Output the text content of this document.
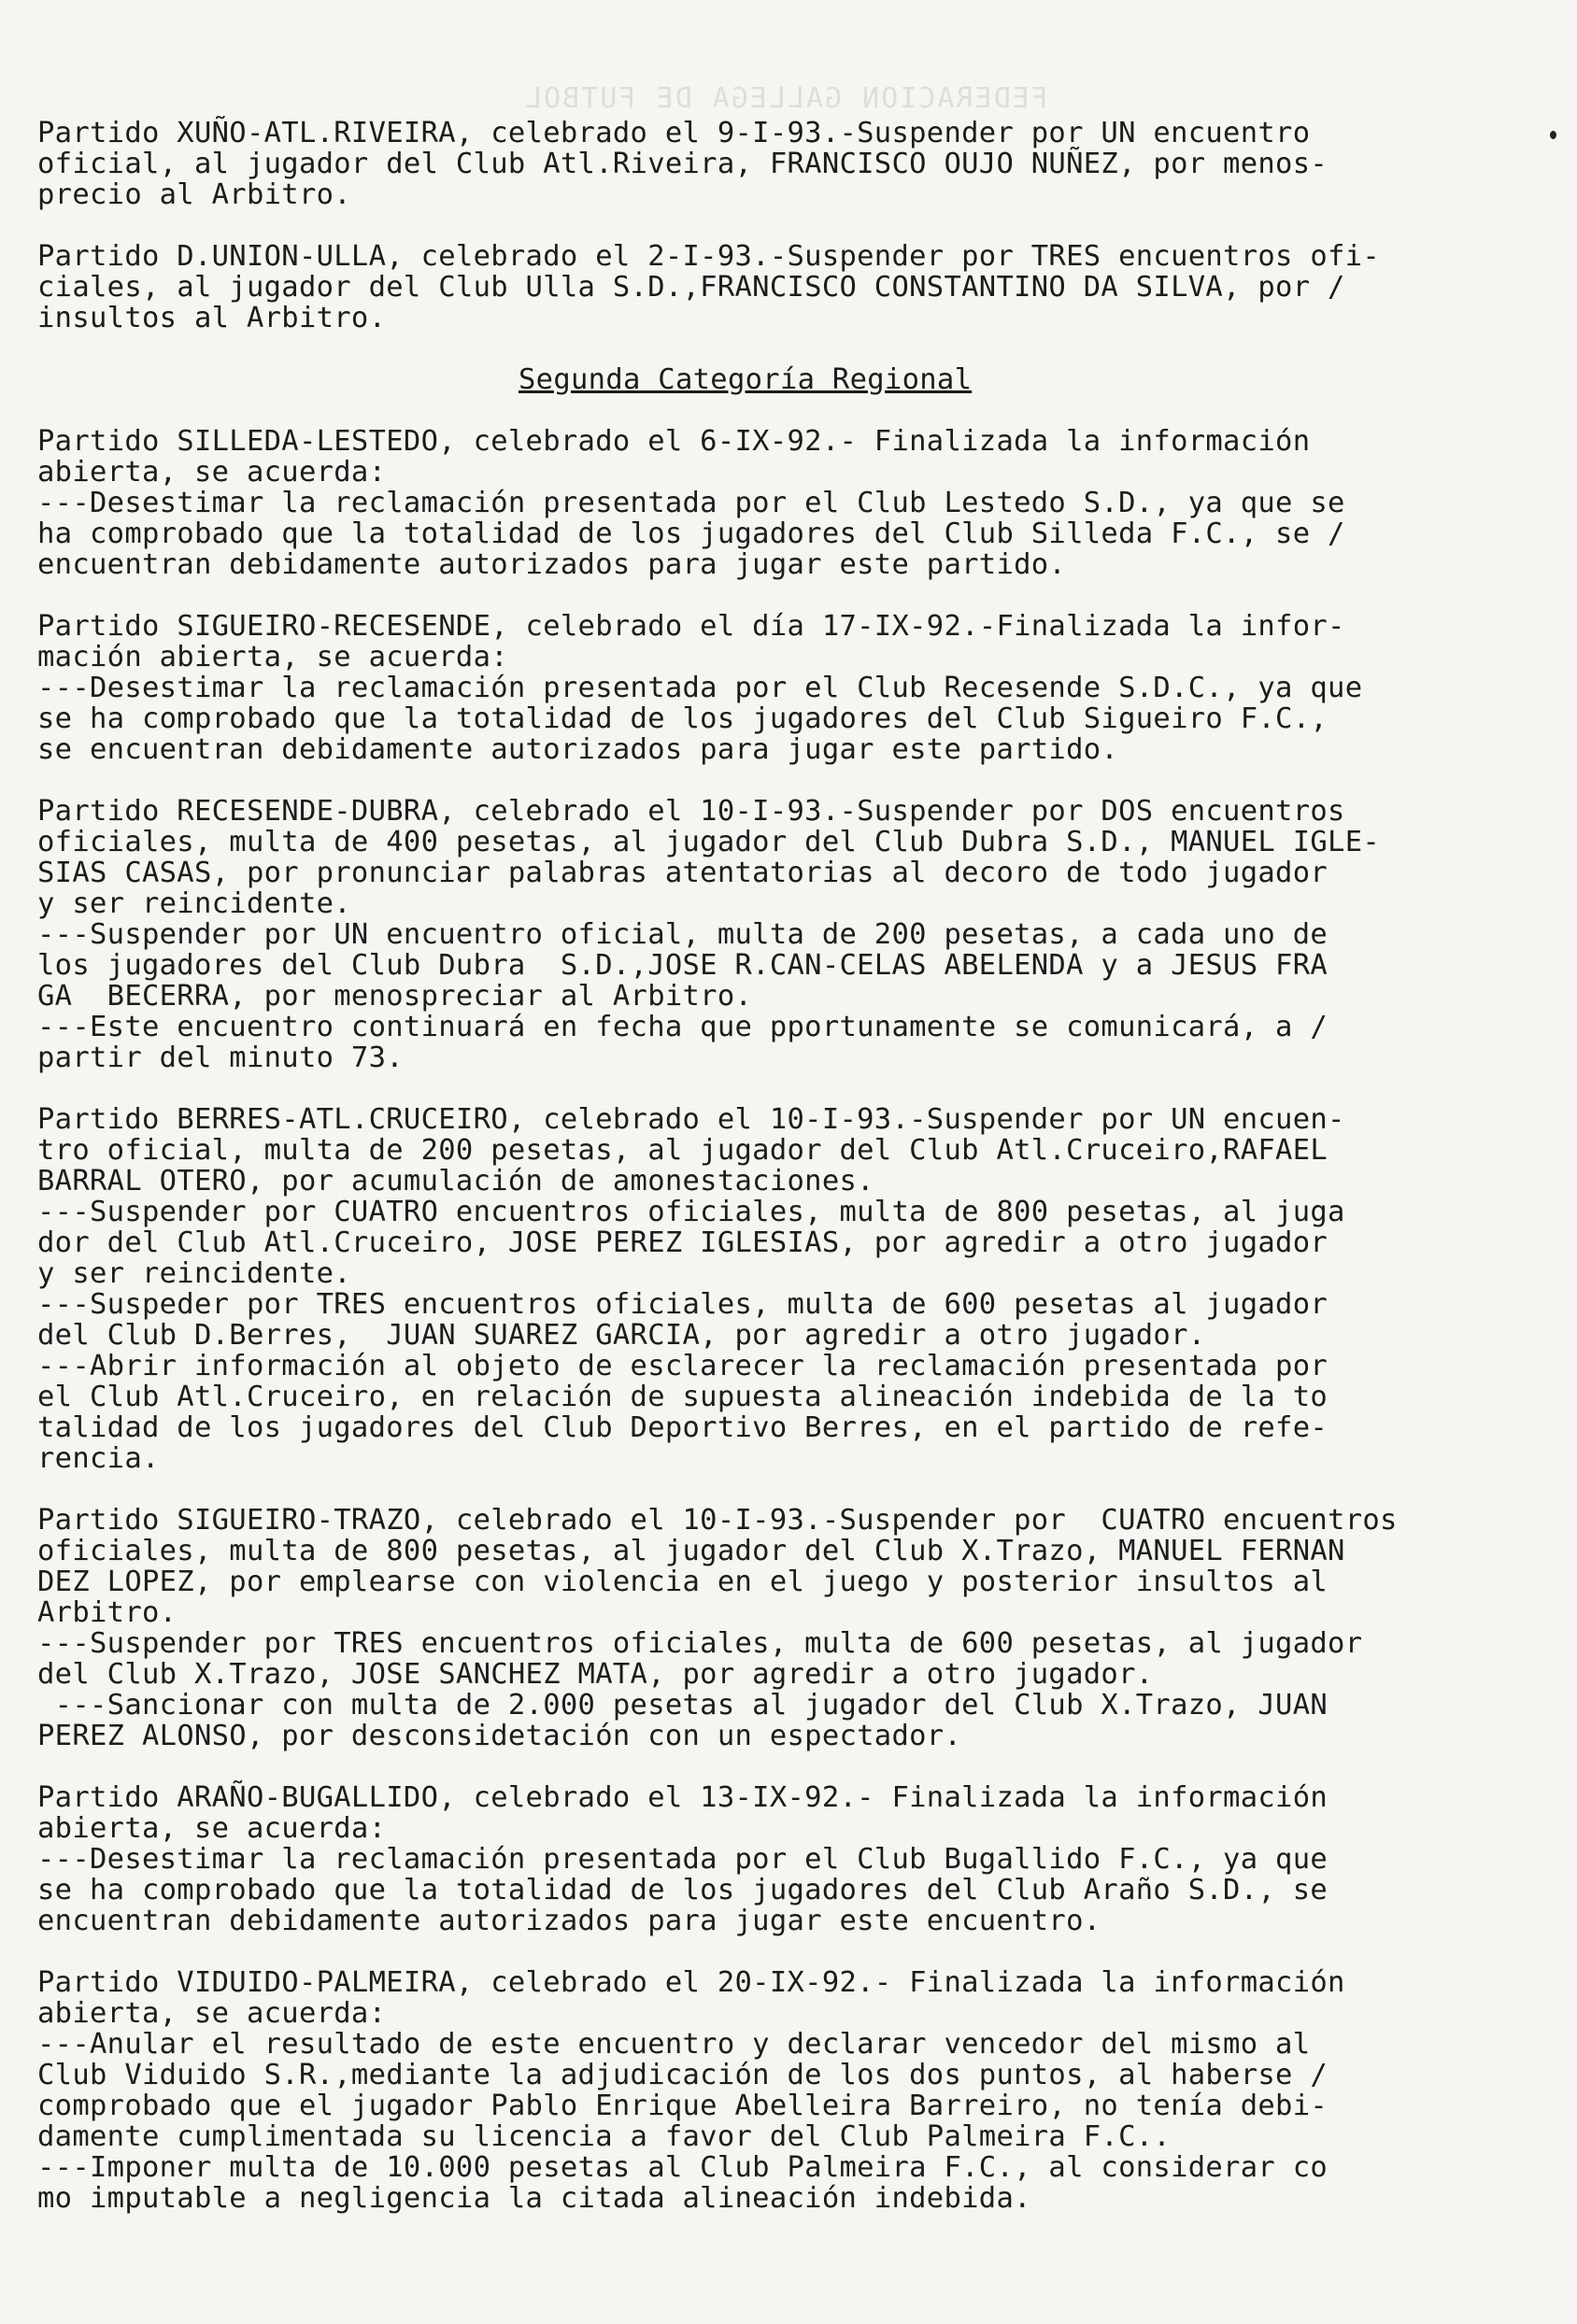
FEDERACION GALLEGA DE FUTBOL
Partido XUÑO-ATL.RIVEIRA, celebrado el 9-I-93.-Suspender por UN encuentro
oficial, al jugador del Club Atl.Riveira, FRANCISCO OUJO NUÑEZ, por menos-
precio al Arbitro.
Partido D.UNION-ULLA, celebrado el 2-I-93.-Suspender por TRES encuentros ofi-
ciales, al jugador del Club Ulla S.D.,FRANCISCO CONSTANTINO DA SILVA, por /
insultos al Arbitro.
Segunda Categoría Regional
Partido SILLEDA-LESTEDO, celebrado el 6-IX-92.- Finalizada la información
abierta, se acuerda:
---Desestimar la reclamación presentada por el Club Lestedo S.D., ya que se
ha comprobado que la totalidad de los jugadores del Club Silleda F.C., se /
encuentran debidamente autorizados para jugar este partido.
Partido SIGUEIRO-RECESENDE, celebrado el día 17-IX-92.-Finalizada la infor-
mación abierta, se acuerda:
---Desestimar la reclamación presentada por el Club Recesende S.D.C., ya que
se ha comprobado que la totalidad de los jugadores del Club Sigueiro F.C.,
se encuentran debidamente autorizados para jugar este partido.
Partido RECESENDE-DUBRA, celebrado el 10-I-93.-Suspender por DOS encuentros
oficiales, multa de 400 pesetas, al jugador del Club Dubra S.D., MANUEL IGLE-
SIAS CASAS, por pronunciar palabras atentatorias al decoro de todo jugador
y ser reincidente.
---Suspender por UN encuentro oficial, multa de 200 pesetas, a cada uno de
los jugadores del Club Dubra  S.D.,JOSE R.CAN-CELAS ABELENDA y a JESUS FRA
GA  BECERRA, por menospreciar al Arbitro.
---Este encuentro continuará en fecha que pportunamente se comunicará, a /
partir del minuto 73.
Partido BERRES-ATL.CRUCEIRO, celebrado el 10-I-93.-Suspender por UN encuen-
tro oficial, multa de 200 pesetas, al jugador del Club Atl.Cruceiro,RAFAEL
BARRAL OTERO, por acumulación de amonestaciones.
---Suspender por CUATRO encuentros oficiales, multa de 800 pesetas, al juga
dor del Club Atl.Cruceiro, JOSE PEREZ IGLESIAS, por agredir a otro jugador
y ser reincidente.
---Suspeder por TRES encuentros oficiales, multa de 600 pesetas al jugador
del Club D.Berres,  JUAN SUAREZ GARCIA, por agredir a otro jugador.
---Abrir información al objeto de esclarecer la reclamación presentada por
el Club Atl.Cruceiro, en relación de supuesta alineación indebida de la to
talidad de los jugadores del Club Deportivo Berres, en el partido de refe-
rencia.
Partido SIGUEIRO-TRAZO, celebrado el 10-I-93.-Suspender por  CUATRO encuentros
oficiales, multa de 800 pesetas, al jugador del Club X.Trazo, MANUEL FERNAN
DEZ LOPEZ, por emplearse con violencia en el juego y posterior insultos al
Arbitro.
---Suspender por TRES encuentros oficiales, multa de 600 pesetas, al jugador
del Club X.Trazo, JOSE SANCHEZ MATA, por agredir a otro jugador.
---Sancionar con multa de 2.000 pesetas al jugador del Club X.Trazo, JUAN
PEREZ ALONSO, por desconsidetación con un espectador.
Partido ARAÑO-BUGALLIDO, celebrado el 13-IX-92.- Finalizada la información
abierta, se acuerda:
---Desestimar la reclamación presentada por el Club Bugallido F.C., ya que
se ha comprobado que la totalidad de los jugadores del Club Araño S.D., se
encuentran debidamente autorizados para jugar este encuentro.
Partido VIDUIDO-PALMEIRA, celebrado el 20-IX-92.- Finalizada la información
abierta, se acuerda:
---Anular el resultado de este encuentro y declarar vencedor del mismo al
Club Viduido S.R.,mediante la adjudicación de los dos puntos, al haberse /
comprobado que el jugador Pablo Enrique Abelleira Barreiro, no tenía debi-
damente cumplimentada su licencia a favor del Club Palmeira F.C..
---Imponer multa de 10.000 pesetas al Club Palmeira F.C., al considerar co
mo imputable a negligencia la citada alineación indebida.
